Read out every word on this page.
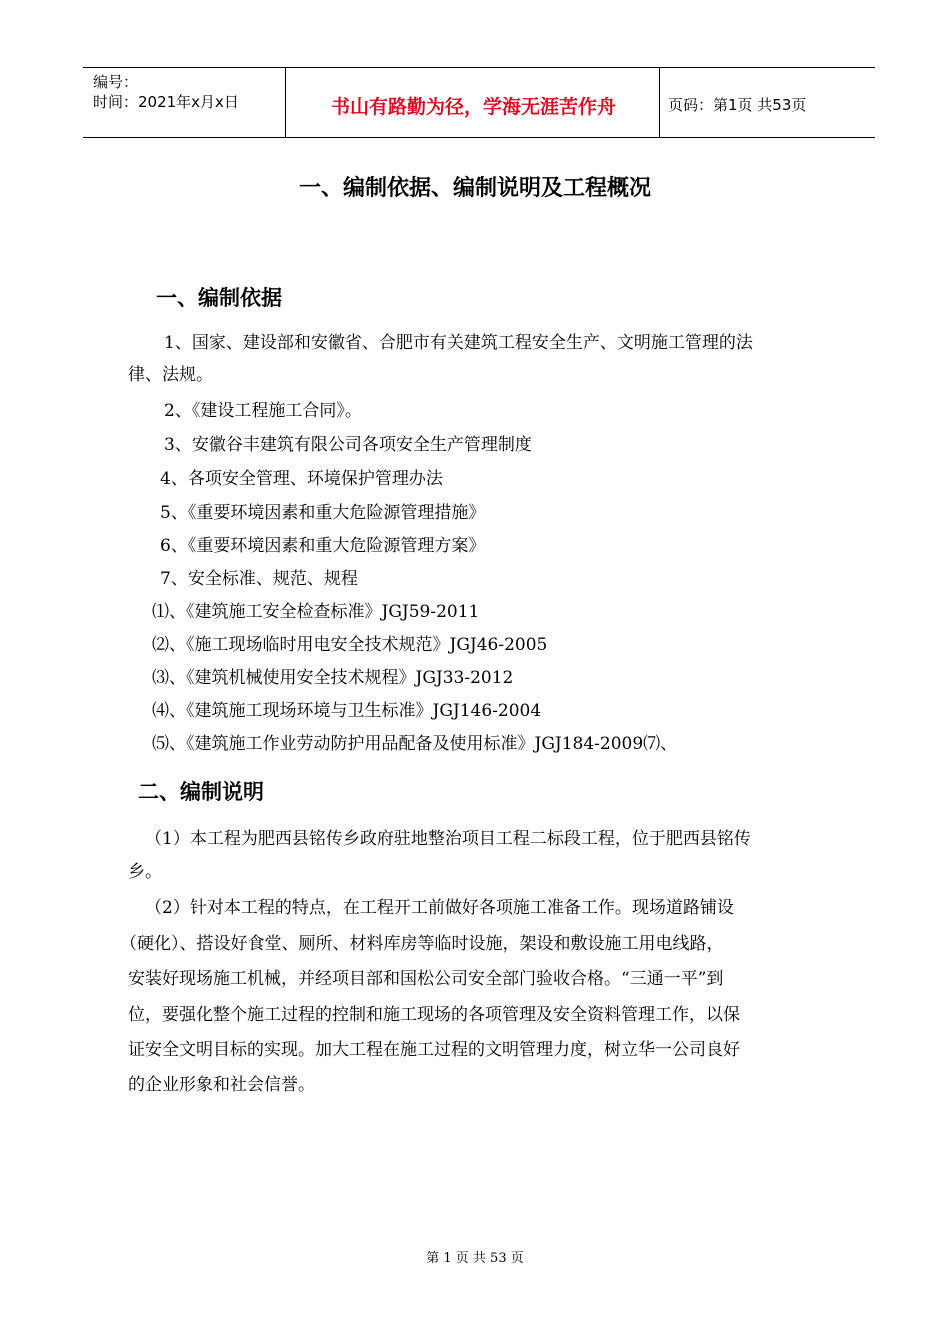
编号：
时间：2021年x月x日	书山有路勤为径，学海无涯苦作舟	页码：第1页 共53页
一、编制依据、编制说明及工程概况
一、编制依据
1、国家、建设部和安徽省、合肥市有关建筑工程安全生产、文明施工管理的法
律、法规。
2、《建设工程施工合同》。
3、安徽谷丰建筑有限公司各项安全生产管理制度
4、各项安全管理、环境保护管理办法
5、《重要环境因素和重大危险源管理措施》
6、《重要环境因素和重大危险源管理方案》
7、安全标准、规范、规程
⑴、《建筑施工安全检查标准》JGJ59-2011
⑵、《施工现场临时用电安全技术规范》JGJ46-2005
⑶、《建筑机械使用安全技术规程》JGJ33-2012
⑷、《建筑施工现场环境与卫生标准》JGJ146-2004
⑸、《建筑施工作业劳动防护用品配备及使用标准》JGJ184-2009⑺、
二、编制说明
（1）本工程为肥西县铭传乡政府驻地整治项目工程二标段工程，位于肥西县铭传
乡。
（2）针对本工程的特点，在工程开工前做好各项施工准备工作。现场道路铺设
（硬化）、搭设好食堂、厕所、材料库房等临时设施，架设和敷设施工用电线路，
安装好现场施工机械，并经项目部和国松公司安全部门验收合格。“三通一平”到
位，要强化整个施工过程的控制和施工现场的各项管理及安全资料管理工作，以保
证安全文明目标的实现。加大工程在施工过程的文明管理力度，树立华一公司良好
的企业形象和社会信誉。
第 1 页 共 53 页
